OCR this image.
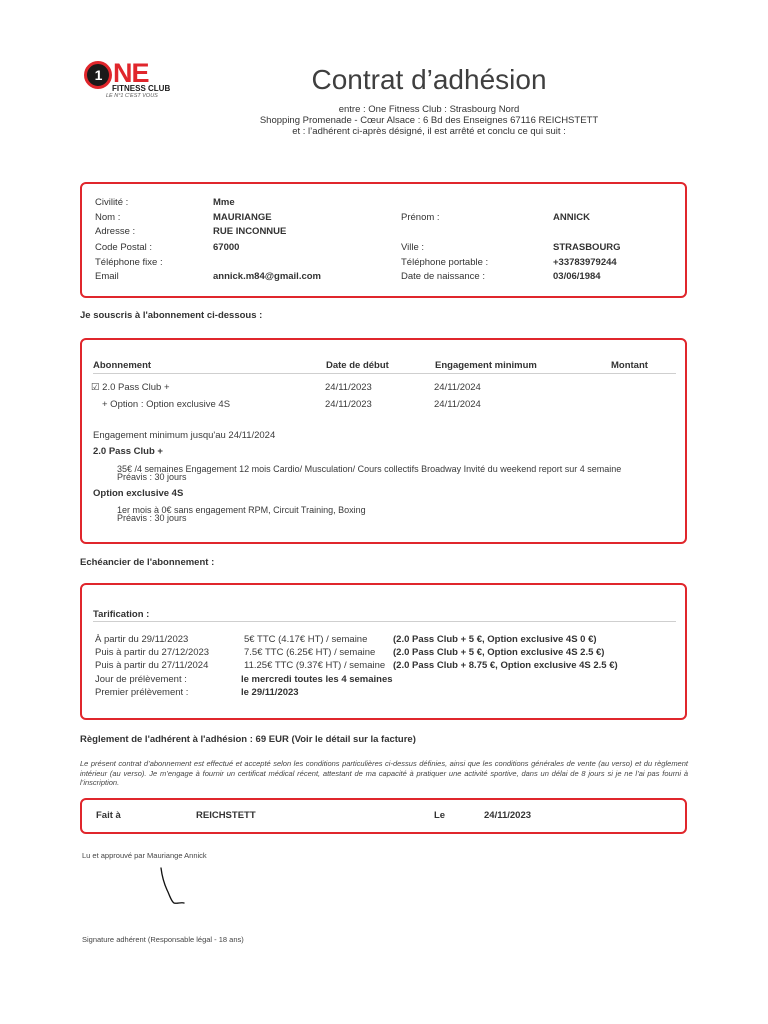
1 NE
FITNESS CLUB
LE N°1 C'EST VOUS
Contrat d’adhésion
entre : One Fitness Club : Strasbourg Nord
Shopping Promenade - Cœur Alsace : 6 Bd des Enseignes 67116 REICHSTETT
et : l’adhérent ci-après désigné, il est arrêté et conclu ce qui suit :
Civilité :	Mme
Nom :	MAURIANGE	Prénom :	ANNICK
Adresse :	RUE INCONNUE
Code Postal :	67000	Ville :	STRASBOURG
Téléphone fixe :	Téléphone portable :	+33783979244
Email	annick.m84@gmail.com	Date de naissance :	03/06/1984
Je souscris à l'abonnement ci-dessous :
Abonnement	Date de début	Engagement minimum	Montant
☑ 2.0 Pass Club +	24/11/2023	24/11/2024
+ Option : Option exclusive 4S	24/11/2023	24/11/2024
Engagement minimum jusqu'au 24/11/2024
2.0 Pass Club +
35€ /4 semaines Engagement 12 mois Cardio/ Musculation/ Cours collectifs Broadway Invité du weekend report sur 4 semaine
Préavis : 30 jours
Option exclusive 4S
1er mois à 0€ sans engagement RPM, Circuit Training, Boxing
Préavis : 30 jours
Echéancier de l'abonnement :
Tarification :
À partir du 29/11/2023	5€ TTC (4.17€ HT) / semaine	(2.0 Pass Club + 5 €, Option exclusive 4S 0 €)
Puis à partir du 27/12/2023	7.5€ TTC (6.25€ HT) / semaine (2.0 Pass Club + 5 €, Option exclusive 4S 2.5 €)
Puis à partir du 27/11/2024	11.25€ TTC (9.37€ HT) / semaine (2.0 Pass Club + 8.75 €, Option exclusive 4S 2.5 €)
Jour de prélèvement :	le mercredi toutes les 4 semaines
Premier prélèvement :	le 29/11/2023
Règlement de l'adhérent à l'adhésion : 69 EUR (Voir le détail sur la facture)
Le présent contrat d’abonnement est effectué et accepté selon les conditions particulières ci-dessus définies, ainsi que les conditions générales de vente (au verso) et du règlement intérieur (au verso). Je m’engage à fournir un certificat médical récent, attestant de ma capacité à pratiquer une activité sportive, dans un délai de 8 jours si je ne l’ai pas fourni à l’inscription.
Fait à	REICHSTETT	Le	24/11/2023
Lu et approuvé par Mauriange Annick
Signature adhérent (Responsable légal - 18 ans)
